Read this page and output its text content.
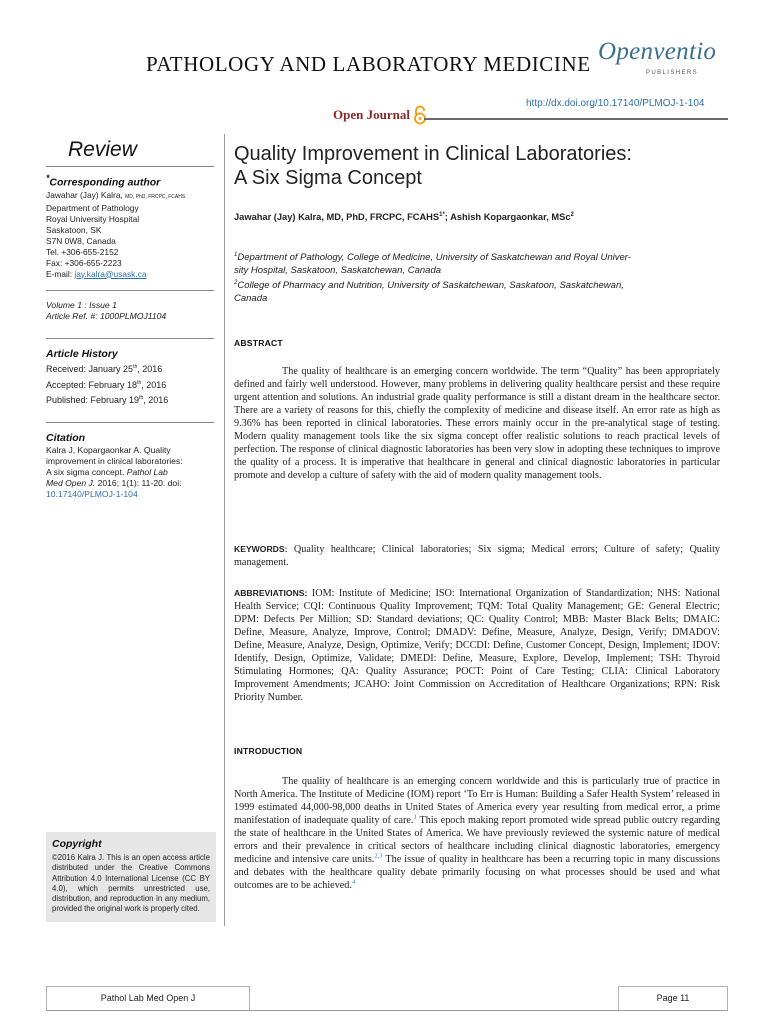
PATHOLOGY AND LABORATORY MEDICINE Openventio
PUBLISHERS
Open Journal
http://dx.doi.org/10.17140/PLMOJ-1-104
Review
*Corresponding author
Jawahar (Jay) Kalra, MD, PhD, FRCPC, FCAHS
Department of Pathology
Royal University Hospital
Saskatoon, SK
S7N 0W8, Canada
Tel. +306-655-2152
Fax: +306-655-2223
E-mail: jay.kalra@usask.ca
Volume 1 : Issue 1
Article Ref. #: 1000PLMOJ1104
Article History
Received: January 25th, 2016
Accepted: February 18th, 2016
Published: February 19th, 2016
Citation
Kalra J, Kopargaonkar A. Quality
improvement in clinical laboratories:
A six sigma concept. Pathol Lab
Med Open J. 2016; 1(1): 11-20. doi:
10.17140/PLMOJ-1-104
Copyright
©2016 Kalra J. This is an open access article distributed under the Creative Commons Attribution 4.0 International License (CC BY 4.0), which permits unrestricted use, distribution, and reproduction in any medium, provided the original work is properly cited.
Quality Improvement in Clinical Laboratories:
A Six Sigma Concept
Jawahar (Jay) Kalra, MD, PhD, FRCPC, $FCAHS^{1*}$; Ashish Kopargaonkar, MSc$^2$
$^1$Department of Pathology, College of Medicine, University of Saskatchewan and Royal Univer-
sity Hospital, Saskatoon, Saskatchewan, Canada
$^2$College of Pharmacy and Nutrition, University of Saskatchewan, Saskatoon, Saskatchewan,
Canada
ABSTRACT
The quality of healthcare is an emerging concern worldwide. The term “Quality” has been appropriately defined and fairly well understood. However, many problems in delivering quality healthcare persist and these require urgent attention and solutions. An industrial grade quality performance is still a distant dream in the healthcare sector. There are a variety of reasons for this, chiefly the complexity of medicine and disease itself. An error rate as high as 9.36% has been reported in clinical laboratories. These errors mainly occur in the pre-analytical stage of testing. Modern quality management tools like the six sigma concept offer realistic solutions to reach practical levels of perfection. The response of clinical diagnostic laboratories has been very slow in adopting these techniques to improve the quality of a process. It is imperative that healthcare in general and clinical diagnostic laboratories in particular promote and develop a culture of safety with the aid of modern quality management tools.
KEYWORDS: Quality healthcare; Clinical laboratories; Six sigma; Medical errors; Culture of safety; Quality management.
ABBREVIATIONS: IOM: Institute of Medicine; ISO: International Organization of Standardization; NHS: National Health Service; CQI: Continuous Quality Improvement; TQM: Total Quality Management; GE: General Electric; DPM: Defects Per Million; SD: Standard deviations; QC: Quality Control; MBB: Master Black Belts; DMAIC: Define, Measure, Analyze, Improve, Control; DMADV: Define, Measure, Analyze, Design, Verify; DMADOV: Define, Measure, Analyze, Design, Optimize, Verify; DCCDI: Define, Customer Concept, Design, Implement; IDOV: Identify, Design, Optimize, Validate; DMEDI: Define, Measure, Explore, Develop, Implement; TSH: Thyroid Stimulating Hormones; QA: Quality Assurance; POCT: Point of Care Testing; CLIA: Clinical Laboratory Improvement Amendments; JCAHO: Joint Commission on Accreditation of Healthcare Organizations; RPN: Risk Priority Number.
INTRODUCTION
The quality of healthcare is an emerging concern worldwide and this is particularly true of practice in North America. The Institute of Medicine (IOM) report ‘To Err is Human: Building a Safer Health System’ released in 1999 estimated 44,000-98,000 deaths in United States of America every year resulting from medical error, a prime manifestation of inadequate quality of care.$^1$ This epoch making report promoted wide spread public outcry regarding the state of healthcare in the United States of America. We have previously reviewed the systemic nature of medical errors and their prevalence in critical sectors of healthcare including clinical diagnostic laboratories, emergency medicine and intensive care units.$^{2,3}$ The issue of quality in healthcare has been a recurring topic in many discussions and debates with the healthcare quality debate primarily focusing on what processes should be used and what outcomes are to be achieved.$^4$
Pathol Lab Med Open J	Page 11
